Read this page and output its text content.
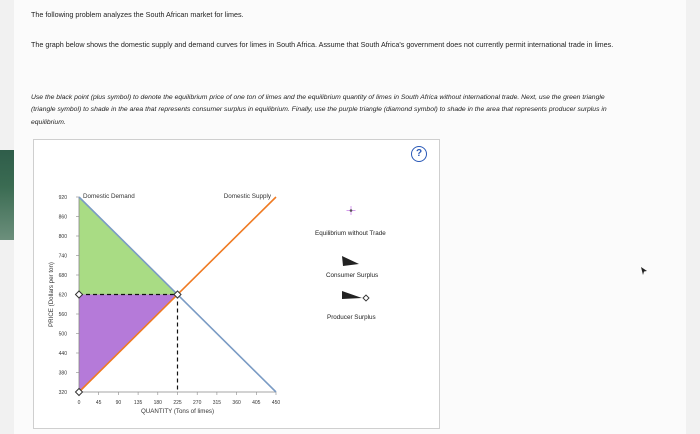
The following problem analyzes the South African market for limes.
The graph below shows the domestic supply and demand curves for limes in South Africa. Assume that South Africa's government does not currently permit international trade in limes.
Use the black point (plus symbol) to denote the equilibrium price of one ton of limes and the equilibrium quantity of limes in South Africa without international trade. Next, use the green triangle (triangle symbol) to shade in the area that represents consumer surplus in equilibrium. Finally, use the purple triangle (diamond symbol) to shade in the area that represents producer surplus in equilibrium.
?
920
860
800
740
680
620
560
500
440
380
320
0	45	90	135 180 225 270 315 360 405 450
QUANTITY (Tons of limes)
PRICE (Dollars per ton)
Domestic Demand	Domestic Supply
Equilibrium without Trade
Consumer Surplus
Producer Surplus
